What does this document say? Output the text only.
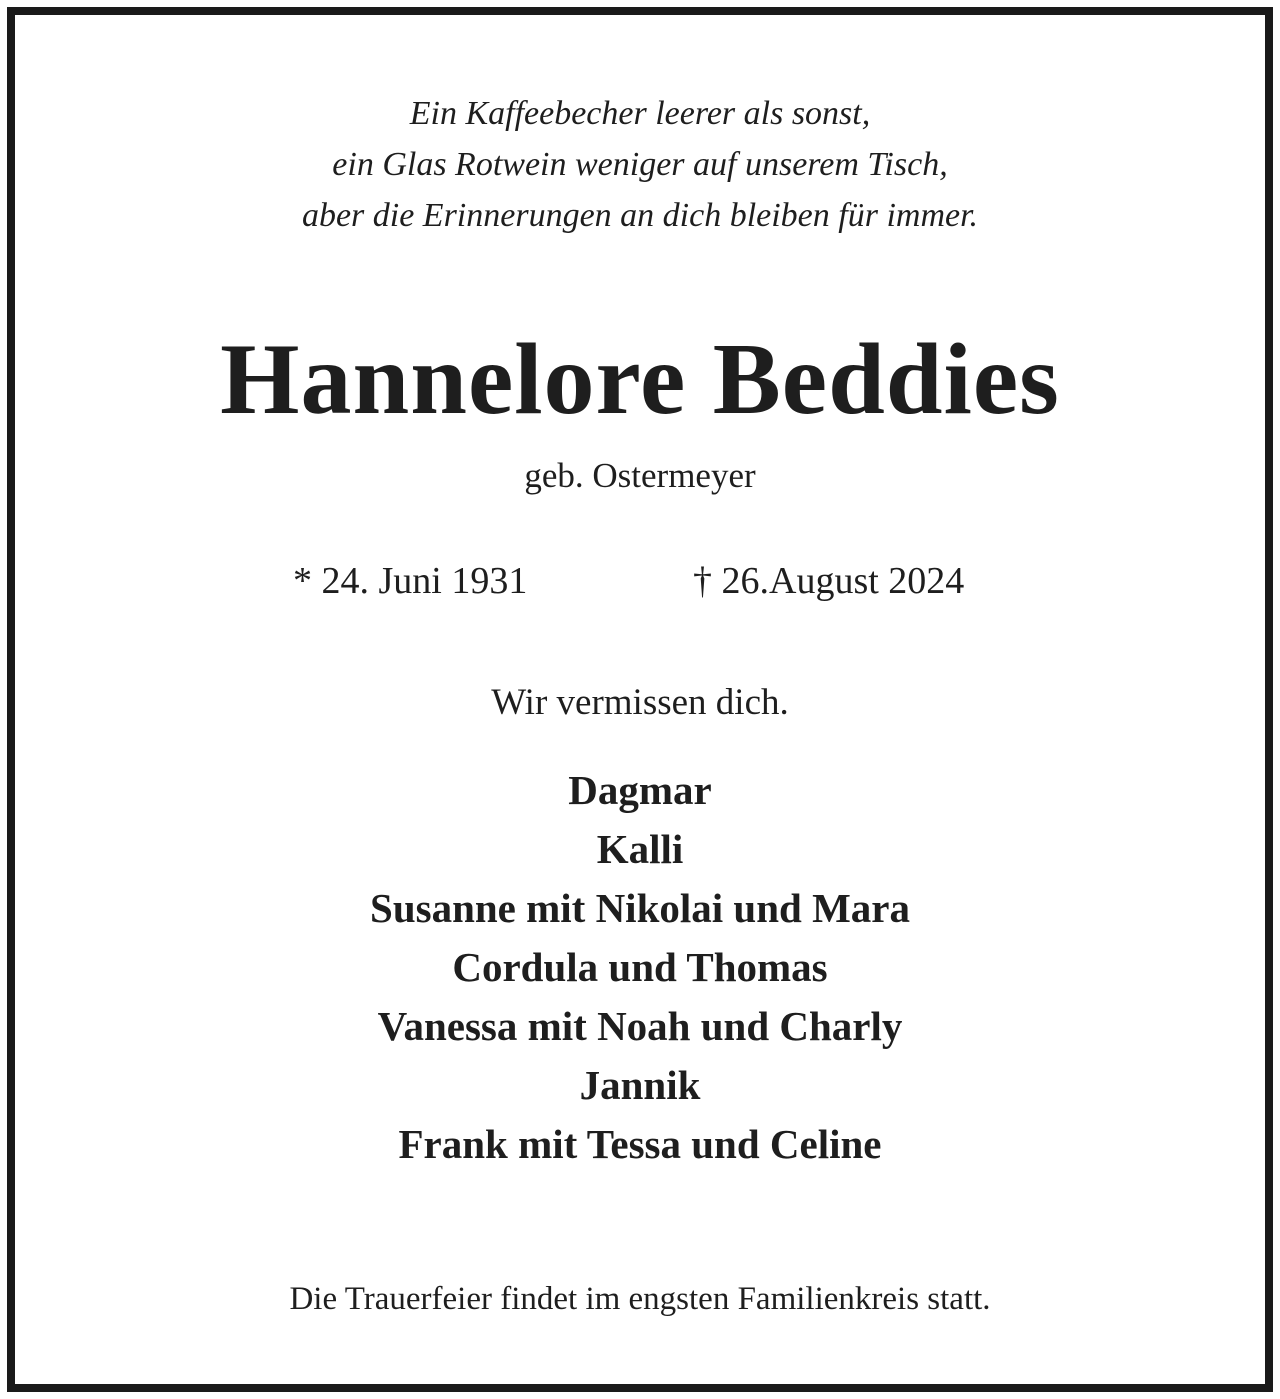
Ein Kaffeebecher leerer als sonst,
ein Glas Rotwein weniger auf unserem Tisch,
aber die Erinnerungen an dich bleiben für immer.
Hannelore Beddies
geb. Ostermeyer
* 24. Juni 1931	† 26.August 2024
Wir vermissen dich.
Dagmar
Kalli
Susanne mit Nikolai und Mara
Cordula und Thomas
Vanessa mit Noah und Charly
Jannik
Frank mit Tessa und Celine
Die Trauerfeier findet im engsten Familienkreis statt.
